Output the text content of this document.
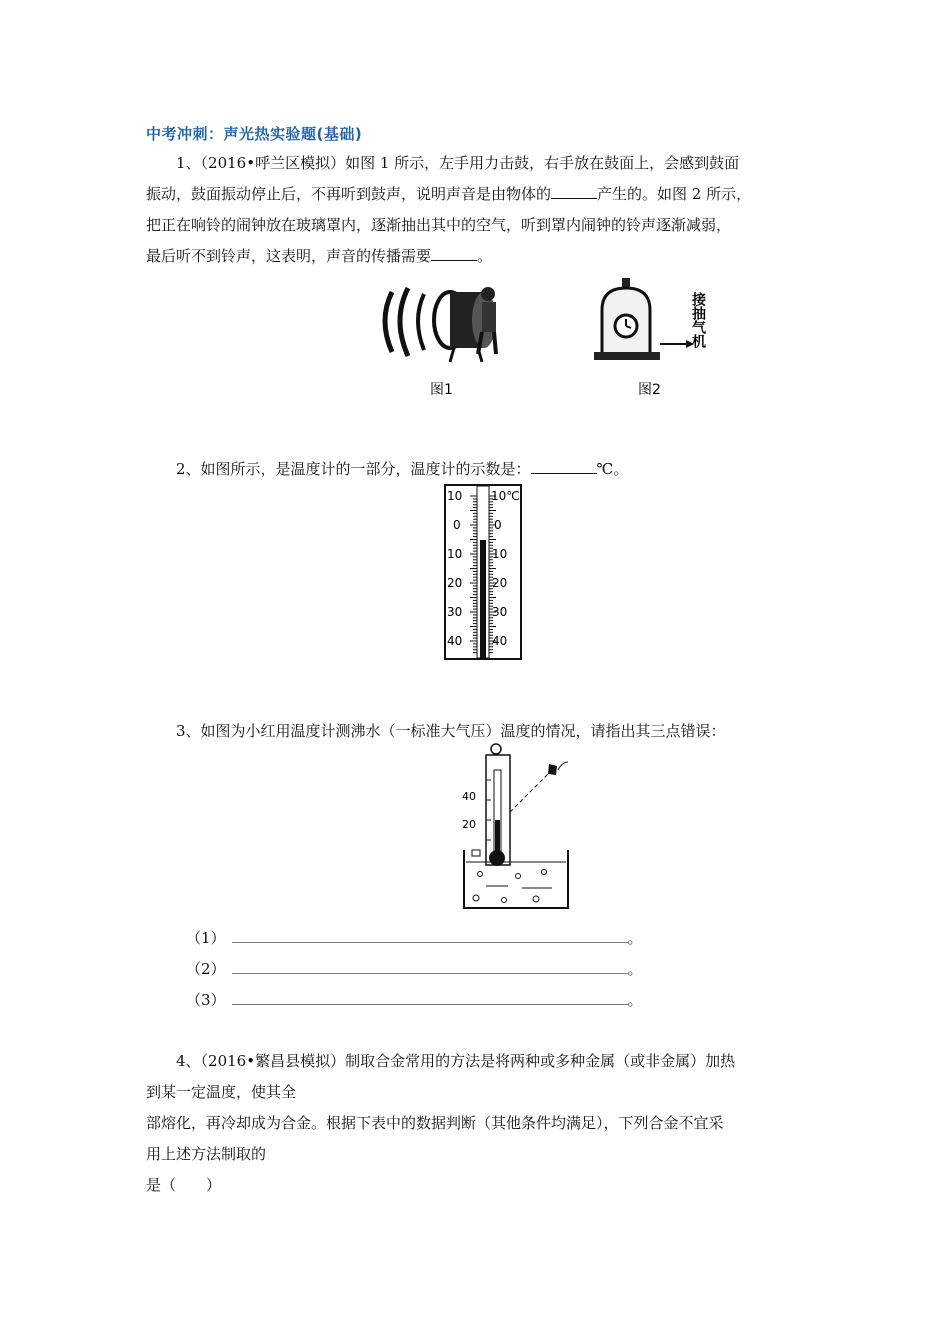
中考冲刺：声光热实验题(基础)

1、（2016•呼兰区模拟）如图 1 所示，左手用力击鼓，右手放在鼓面上，会感到鼓面

振动，鼓面振动停止后，不再听到鼓声，说明声音是由物体的	产生的。如图 2 所示，

把正在响铃的闹钟放在玻璃罩内，逐渐抽出其中的空气，听到罩内闹钟的铃声逐渐减弱，

最后听不到铃声，这表明，声音的传播需要	。

图1	图2
接抽气机

2、如图所示，是温度计的一部分，温度计的示数是：	℃。

10
0
10
20
30
40
10℃
0
10
20
30
40

3、如图为小红用温度计测沸水（一标准大气压）温度的情况，请指出其三点错误：

40
20
（1）	。
（2）	。
（3）	。

4、（2016•繁昌县模拟）制取合金常用的方法是将两种或多种金属（或非金属）加热

到某一定温度，使其全

部熔化，再冷却成为合金。根据下表中的数据判断（其他条件均满足），下列合金不宜采

用上述方法制取的

是（　　）
